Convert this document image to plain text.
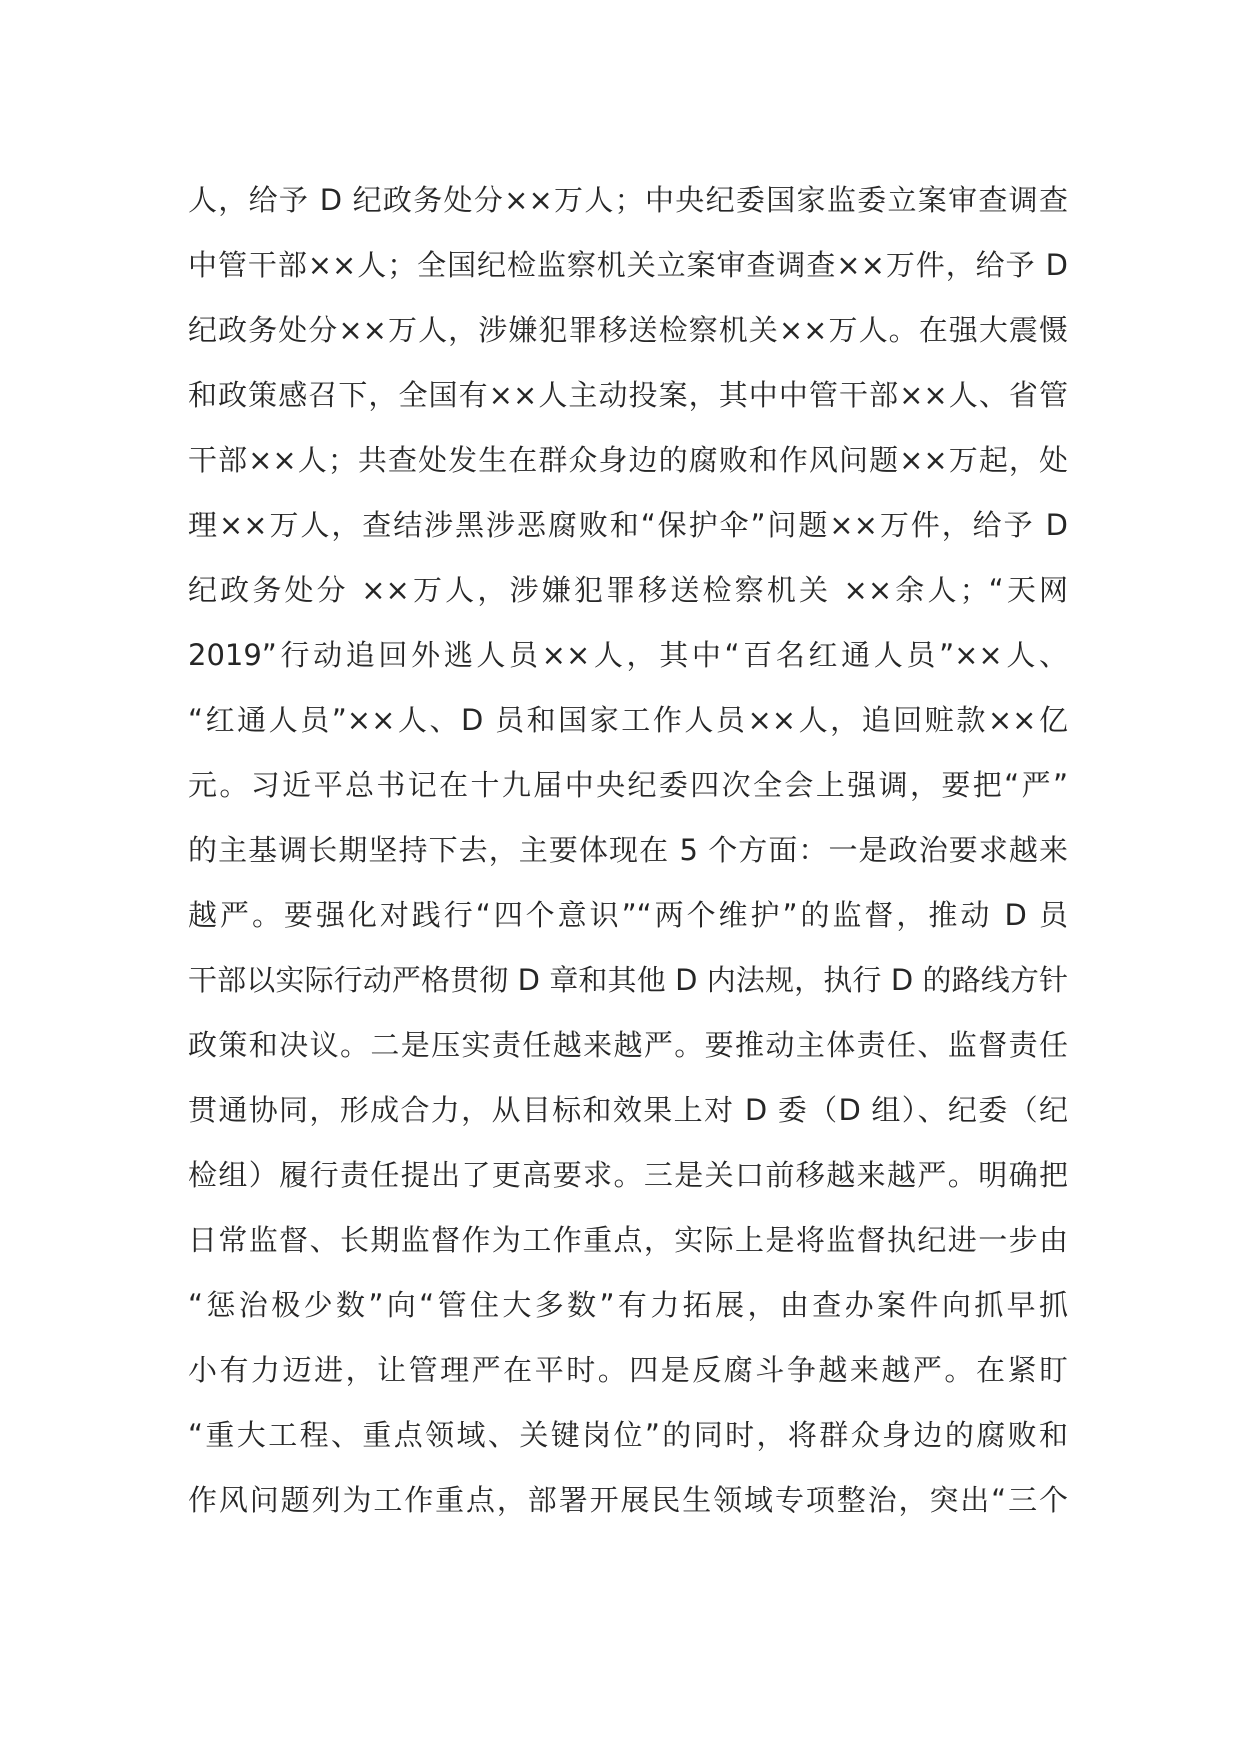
人，给予 D 纪政务处分××万人；中央纪委国家监委立案审查调查
中管干部××人；全国纪检监察机关立案审查调查××万件，给予 D
纪政务处分××万人，涉嫌犯罪移送检察机关××万人。在强大震慑
和政策感召下，全国有××人主动投案，其中中管干部××人、省管
干部××人；共查处发生在群众身边的腐败和作风问题××万起，处
理××万人，查结涉黑涉恶腐败和“保护伞”问题××万件，给予 D
纪政务处分 ××万人，涉嫌犯罪移送检察机关 ××余人；“天网
2019”行动追回外逃人员××人，其中“百名红通人员”××人、
“红通人员”××人、D 员和国家工作人员××人，追回赃款××亿
元。习近平总书记在十九届中央纪委四次全会上强调，要把“严”
的主基调长期坚持下去，主要体现在 5 个方面：一是政治要求越来
越严。要强化对践行“四个意识”“两个维护”的监督，推动 D 员
干部以实际行动严格贯彻 D 章和其他 D 内法规，执行 D 的路线方针
政策和决议。二是压实责任越来越严。要推动主体责任、监督责任
贯通协同，形成合力，从目标和效果上对 D 委（D 组）、纪委（纪
检组）履行责任提出了更高要求。三是关口前移越来越严。明确把
日常监督、长期监督作为工作重点，实际上是将监督执纪进一步由
“惩治极少数”向“管住大多数”有力拓展，由查办案件向抓早抓
小有力迈进，让管理严在平时。四是反腐斗争越来越严。在紧盯
“重大工程、重点领域、关键岗位”的同时，将群众身边的腐败和
作风问题列为工作重点，部署开展民生领域专项整治，突出“三个
